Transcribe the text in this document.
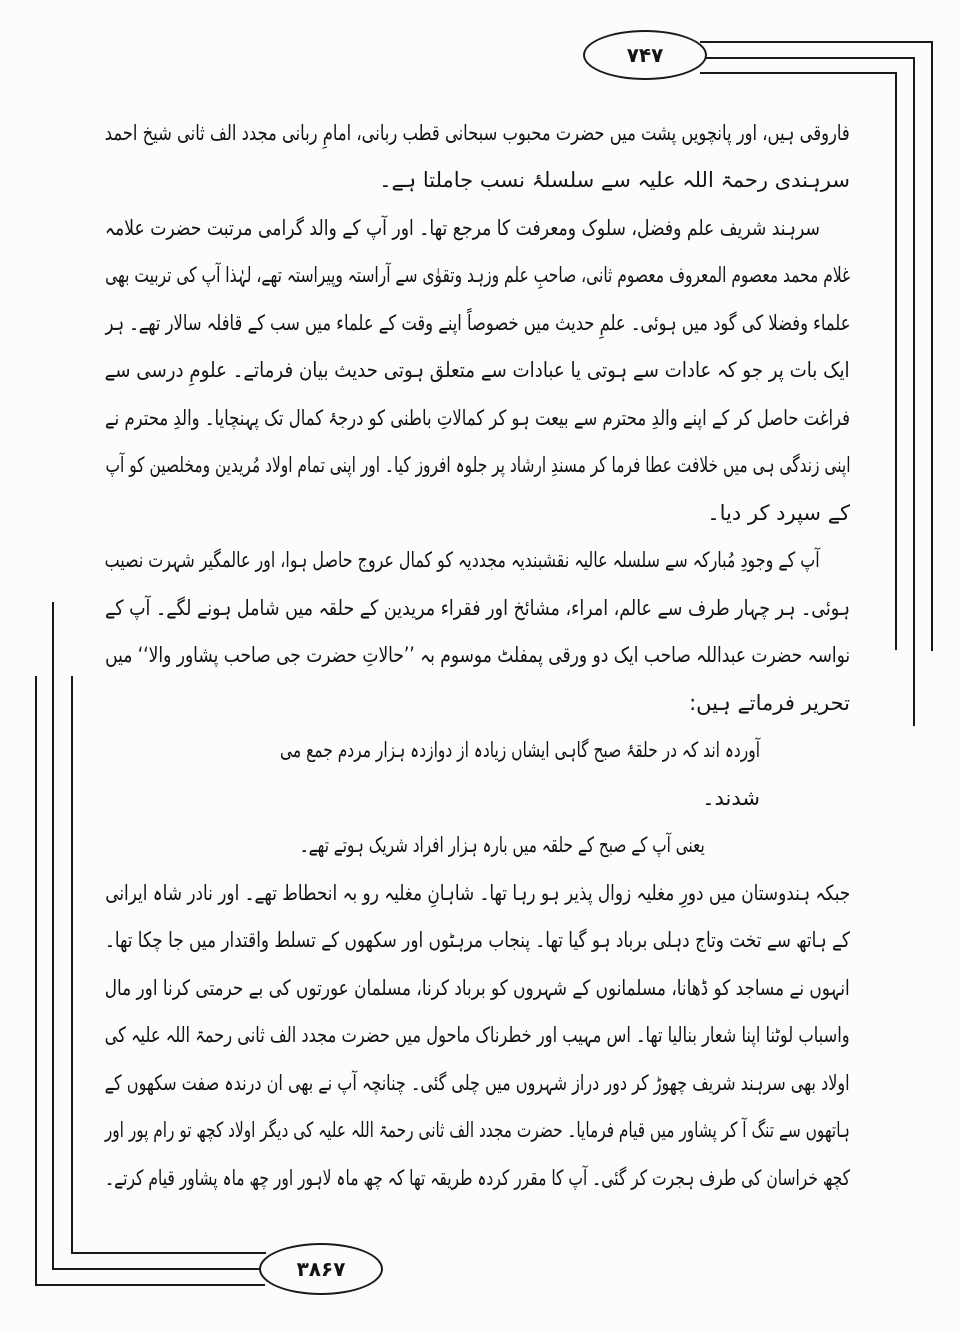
۷۴۷
۳۸۶۷
فاروقی ہیں، اور پانچویں پشت میں حضرت محبوب سبحانی قطب ربانی، امامِ ربانی مجدد الف ثانی شیخ احمد
سرہندی رحمۃ اللہ علیہ سے سلسلۂ نسب جاملتا ہے۔
سرہند شریف علم وفضل، سلوک ومعرفت کا مرجع تھا۔ اور آپ کے والد گرامی مرتبت حضرت علامہ
غلام محمد معصوم المعروف معصوم ثانی، صاحبِ علم وزہد وتقوٰی سے آراستہ وپیراستہ تھے، لہٰذا آپ کی تربیت بھی
علماء وفضلا کی گود میں ہوئی۔ علمِ حدیث میں خصوصاً اپنے وقت کے علماء میں سب کے قافلہ سالار تھے۔ ہر
ایک بات پر جو کہ عادات سے ہوتی یا عبادات سے متعلق ہوتی حدیث بیان فرماتے۔ علومِ درسی سے
فراغت حاصل کر کے اپنے والدِ محترم سے بیعت ہو کر کمالاتِ باطنی کو درجۂ کمال تک پہنچایا۔ والدِ محترم نے
اپنی زندگی ہی میں خلافت عطا فرما کر مسندِ ارشاد پر جلوہ افروز کیا۔ اور اپنی تمام اولاد مُریدین ومخلصین کو آپ
کے سپرد کر دیا۔
آپ کے وجودِ مُبارکہ سے سلسلہ عالیہ نقشبندیہ مجددیہ کو کمال عروج حاصل ہوا، اور عالمگیر شہرت نصیب
ہوئی۔ ہر چہار طرف سے عالم، امراء، مشائخ اور فقراء مریدین کے حلقہ میں شامل ہونے لگے۔ آپ کے
نواسہ حضرت عبداللہ صاحب ایک دو ورقی پمفلٹ موسوم بہ ’’حالاتِ حضرت جی صاحب پشاور والا‘‘ میں
تحریر فرماتے ہیں:
آوردہ اند کہ در حلقۂ صبح گاہی ایشاں زیادہ از دوازدہ ہزار مردم جمع می
شدند۔
یعنی آپ کے صبح کے حلقہ میں بارہ ہزار افراد شریک ہوتے تھے۔
جبکہ ہندوستان میں دورِ مغلیہ زوال پذیر ہو رہا تھا۔ شاہانِ مغلیہ رو بہ انحطاط تھے۔ اور نادر شاہ ایرانی
کے ہاتھ سے تخت وتاج دہلی برباد ہو گیا تھا۔ پنجاب مرہٹوں اور سکھوں کے تسلط واقتدار میں جا چکا تھا۔
انہوں نے مساجد کو ڈھانا، مسلمانوں کے شہروں کو برباد کرنا، مسلمان عورتوں کی بے حرمتی کرنا اور مال
واسباب لوٹنا اپنا شعار بنالیا تھا۔ اس مہیب اور خطرناک ماحول میں حضرت مجدد الف ثانی رحمۃ اللہ علیہ کی
اولاد بھی سرہند شریف چھوڑ کر دور دراز شہروں میں چلی گئی۔ چنانچہ آپ نے بھی ان درندہ صفت سکھوں کے
ہاتھوں سے تنگ آ کر پشاور میں قیام فرمایا۔ حضرت مجدد الف ثانی رحمۃ اللہ علیہ کی دیگر اولاد کچھ تو رام پور اور
کچھ خراسان کی طرف ہجرت کر گئی۔ آپ کا مقرر کردہ طریقہ تھا کہ چھ ماہ لاہور اور چھ ماہ پشاور قیام کرتے۔
